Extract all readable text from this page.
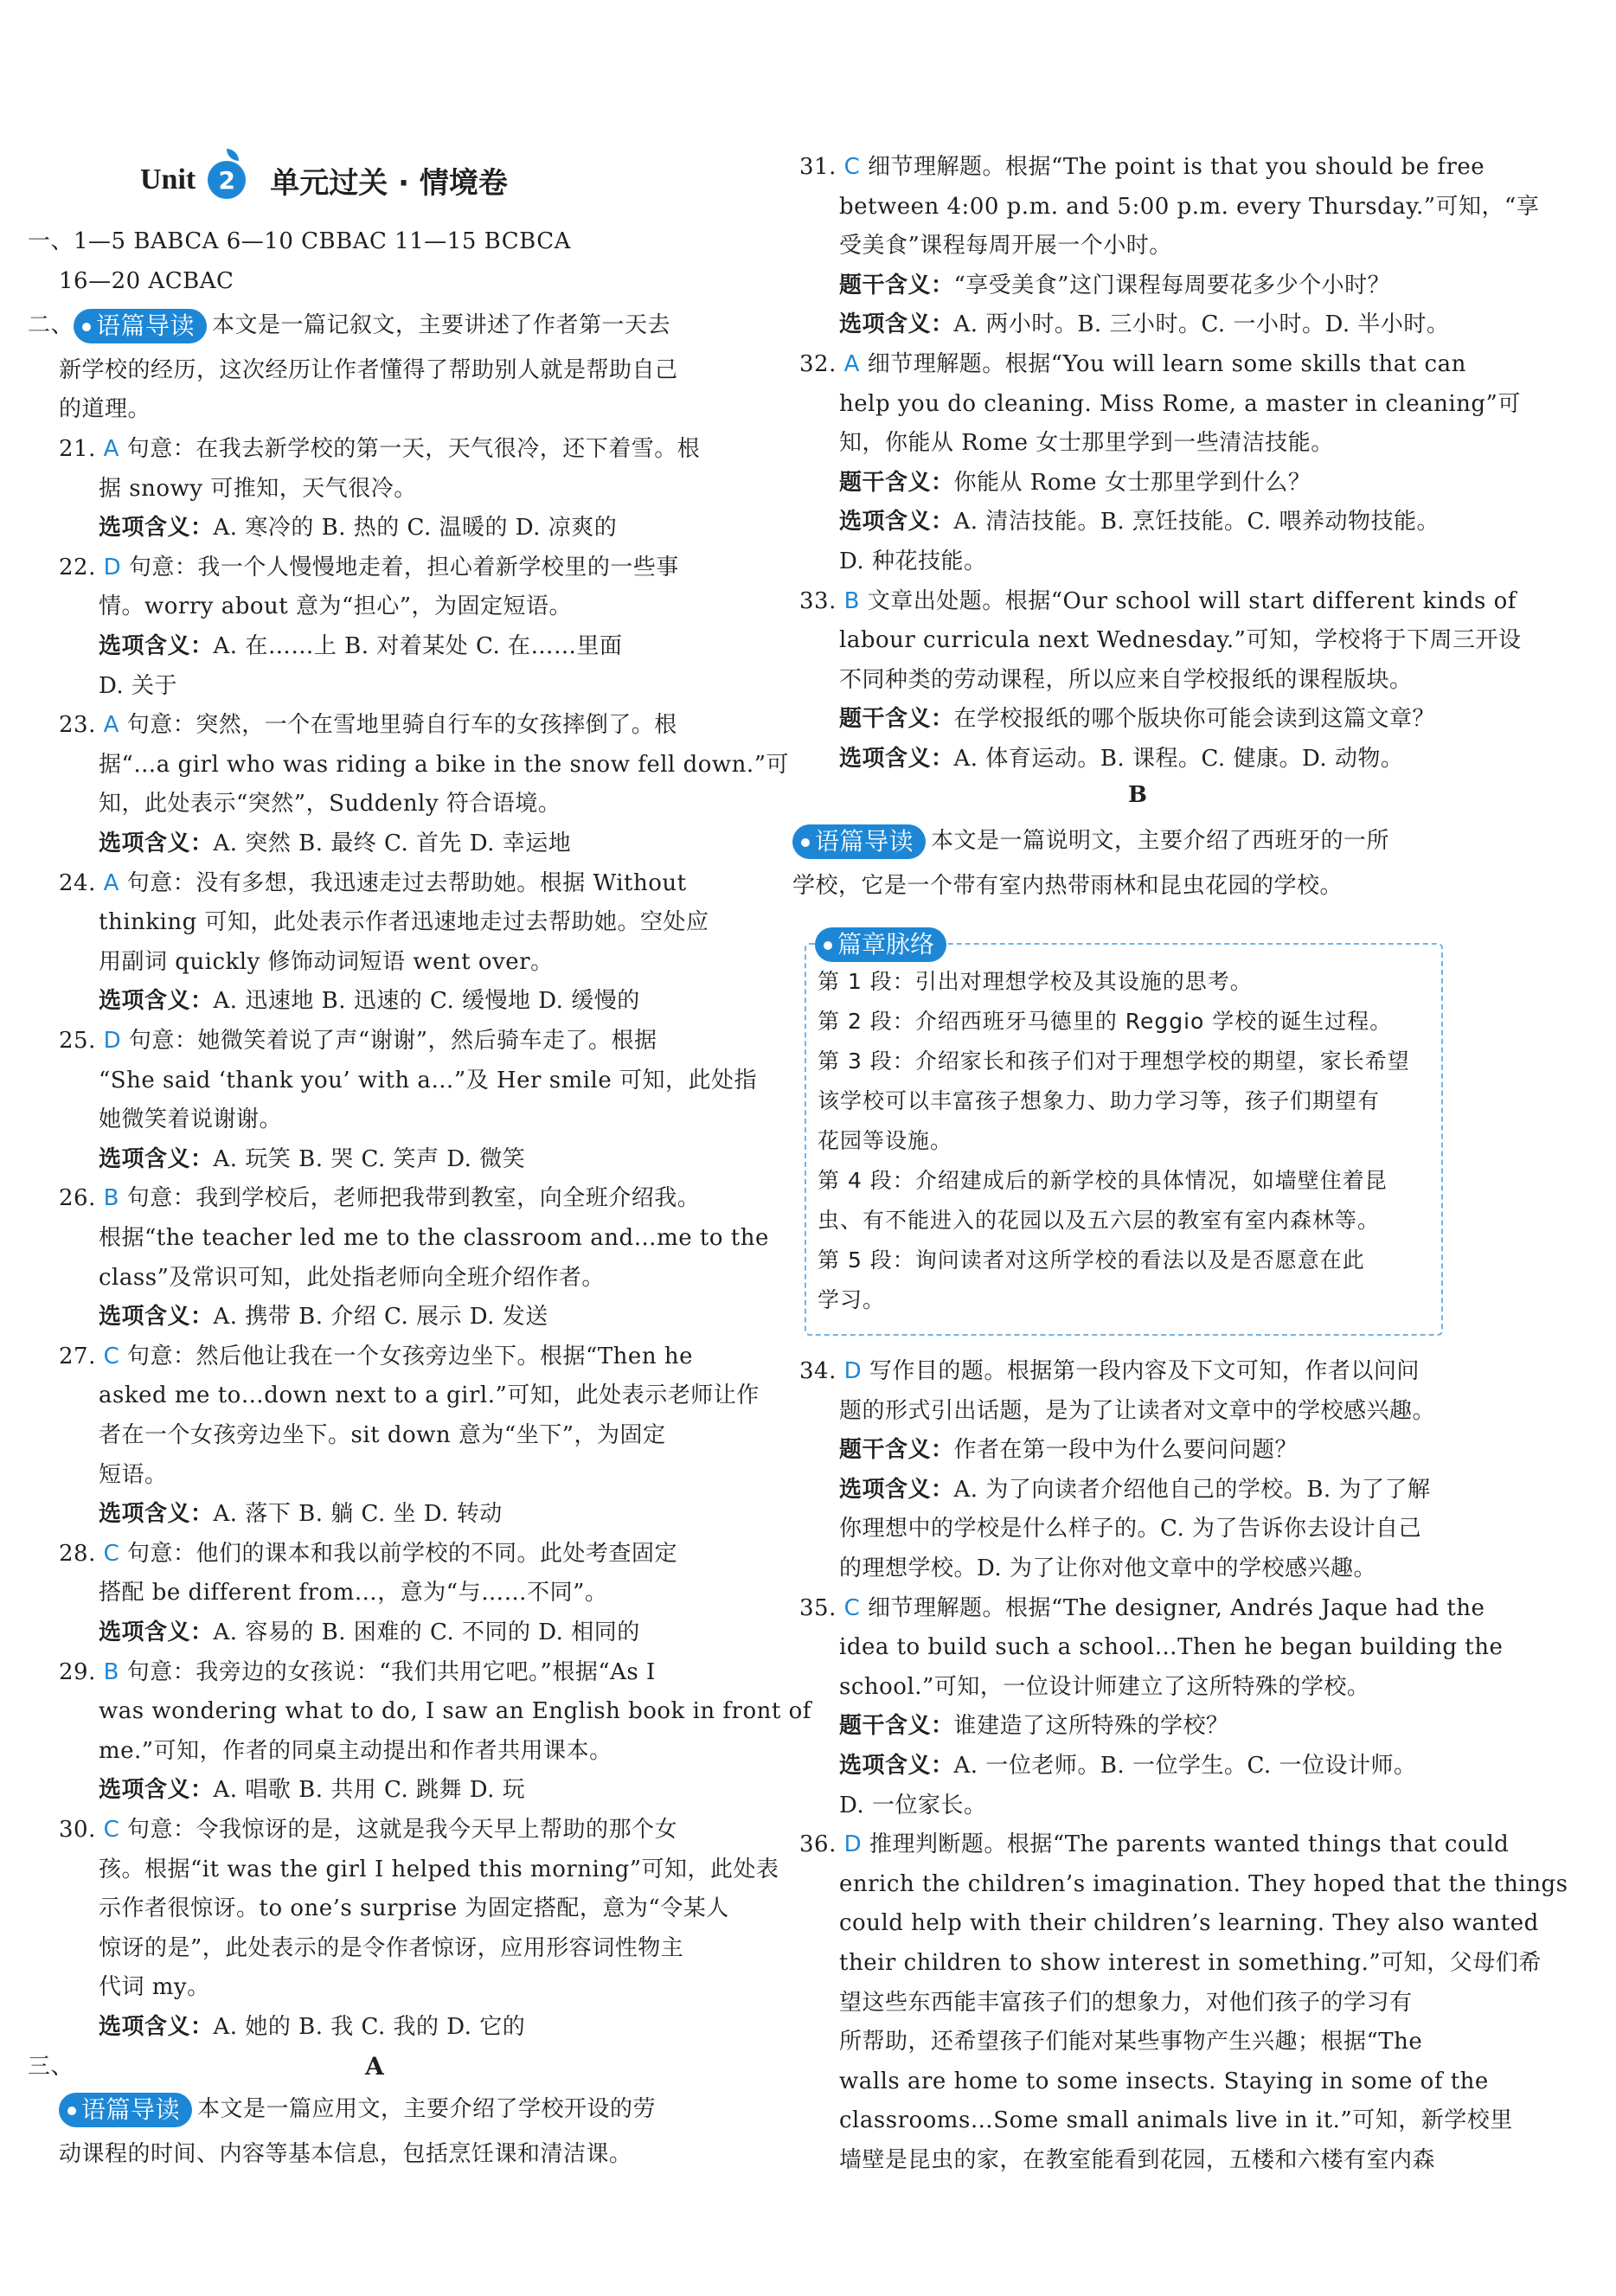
Unit 2	单元过关 · 情境卷
一、1—5 BABCA 6—10 CBBAC 11—15 BCBCA
16—20 ACBAC
二、 语篇导读 本文是一篇记叙文，主要讲述了作者第一天去
新学校的经历，这次经历让作者懂得了帮助别人就是帮助自己
的道理。
21. A 句意：在我去新学校的第一天，天气很冷，还下着雪。根
据 snowy 可推知，天气很冷。
选项含义：A. 寒冷的 B. 热的 C. 温暖的 D. 凉爽的
22. D 句意：我一个人慢慢地走着，担心着新学校里的一些事
情。worry about 意为“担心”，为固定短语。
选项含义：A. 在……上 B. 对着某处 C. 在……里面
D. 关于
23. A 句意：突然，一个在雪地里骑自行车的女孩摔倒了。根
据“…a girl who was riding a bike in the snow fell down.”可
知，此处表示“突然”，Suddenly 符合语境。
选项含义：A. 突然 B. 最终 C. 首先 D. 幸运地
24. A 句意：没有多想，我迅速走过去帮助她。根据 Without
thinking 可知，此处表示作者迅速地走过去帮助她。空处应
用副词 quickly 修饰动词短语 went over。
选项含义：A. 迅速地 B. 迅速的 C. 缓慢地 D. 缓慢的
25. D 句意：她微笑着说了声“谢谢”，然后骑车走了。根据
“She said ‘thank you’ with a…”及 Her smile 可知，此处指
她微笑着说谢谢。
选项含义：A. 玩笑 B. 哭 C. 笑声 D. 微笑
26. B 句意：我到学校后，老师把我带到教室，向全班介绍我。
根据“the teacher led me to the classroom and…me to the
class”及常识可知，此处指老师向全班介绍作者。
选项含义：A. 携带 B. 介绍 C. 展示 D. 发送
27. C 句意：然后他让我在一个女孩旁边坐下。根据“Then he
asked me to…down next to a girl.”可知，此处表示老师让作
者在一个女孩旁边坐下。sit down 意为“坐下”，为固定
短语。
选项含义：A. 落下 B. 躺 C. 坐 D. 转动
28. C 句意：他们的课本和我以前学校的不同。此处考查固定
搭配 be different from…，意为“与……不同”。
选项含义：A. 容易的 B. 困难的 C. 不同的 D. 相同的
29. B 句意：我旁边的女孩说：“我们共用它吧。”根据“As I
was wondering what to do, I saw an English book in front of
me.”可知，作者的同桌主动提出和作者共用课本。
选项含义：A. 唱歌 B. 共用 C. 跳舞 D. 玩
30. C 句意：令我惊讶的是，这就是我今天早上帮助的那个女
孩。根据“it was the girl I helped this morning”可知，此处表
示作者很惊讶。to one’s surprise 为固定搭配，意为“令某人
惊讶的是”，此处表示的是令作者惊讶，应用形容词性物主
代词 my。
选项含义：A. 她的 B. 我 C. 我的 D. 它的
三、	A
语篇导读 本文是一篇应用文，主要介绍了学校开设的劳
动课程的时间、内容等基本信息，包括烹饪课和清洁课。
31. C 细节理解题。根据“The point is that you should be free
between 4:00 p.m. and 5:00 p.m. every Thursday.”可知，“享
受美食”课程每周开展一个小时。
题干含义：“享受美食”这门课程每周要花多少个小时？
选项含义：A. 两小时。B. 三小时。C. 一小时。D. 半小时。
32. A 细节理解题。根据“You will learn some skills that can
help you do cleaning. Miss Rome, a master in cleaning”可
知，你能从 Rome 女士那里学到一些清洁技能。
题干含义：你能从 Rome 女士那里学到什么？
选项含义：A. 清洁技能。B. 烹饪技能。C. 喂养动物技能。
D. 种花技能。
33. B 文章出处题。根据“Our school will start different kinds of
labour curricula next Wednesday.”可知，学校将于下周三开设
不同种类的劳动课程，所以应来自学校报纸的课程版块。
题干含义：在学校报纸的哪个版块你可能会读到这篇文章？
选项含义：A. 体育运动。B. 课程。C. 健康。D. 动物。
B
语篇导读 本文是一篇说明文，主要介绍了西班牙的一所
学校，它是一个带有室内热带雨林和昆虫花园的学校。
第 1 段：引出对理想学校及其设施的思考。
第 2 段：介绍西班牙马德里的 Reggio 学校的诞生过程。
第 3 段：介绍家长和孩子们对于理想学校的期望，家长希望
该学校可以丰富孩子想象力、助力学习等，孩子们期望有
花园等设施。
第 4 段：介绍建成后的新学校的具体情况，如墙壁住着昆
虫、有不能进入的花园以及五六层的教室有室内森林等。
第 5 段：询问读者对这所学校的看法以及是否愿意在此
学习。
34. D 写作目的题。根据第一段内容及下文可知，作者以问问
题的形式引出话题，是为了让读者对文章中的学校感兴趣。
题干含义：作者在第一段中为什么要问问题？
选项含义：A. 为了向读者介绍他自己的学校。B. 为了了解
你理想中的学校是什么样子的。C. 为了告诉你去设计自己
的理想学校。D. 为了让你对他文章中的学校感兴趣。
35. C 细节理解题。根据“The designer, Andrés Jaque had the
idea to build such a school…Then he began building the
school.”可知，一位设计师建立了这所特殊的学校。
题干含义：谁建造了这所特殊的学校？
选项含义：A. 一位老师。B. 一位学生。C. 一位设计师。
D. 一位家长。
36. D 推理判断题。根据“The parents wanted things that could
enrich the children’s imagination. They hoped that the things
could help with their children’s learning. They also wanted
their children to show interest in something.”可知，父母们希
望这些东西能丰富孩子们的想象力，对他们孩子的学习有
所帮助，还希望孩子们能对某些事物产生兴趣；根据“The
walls are home to some insects. Staying in some of the
classrooms…Some small animals live in it.”可知，新学校里
墙壁是昆虫的家，在教室能看到花园，五楼和六楼有室内森
篇章脉络
